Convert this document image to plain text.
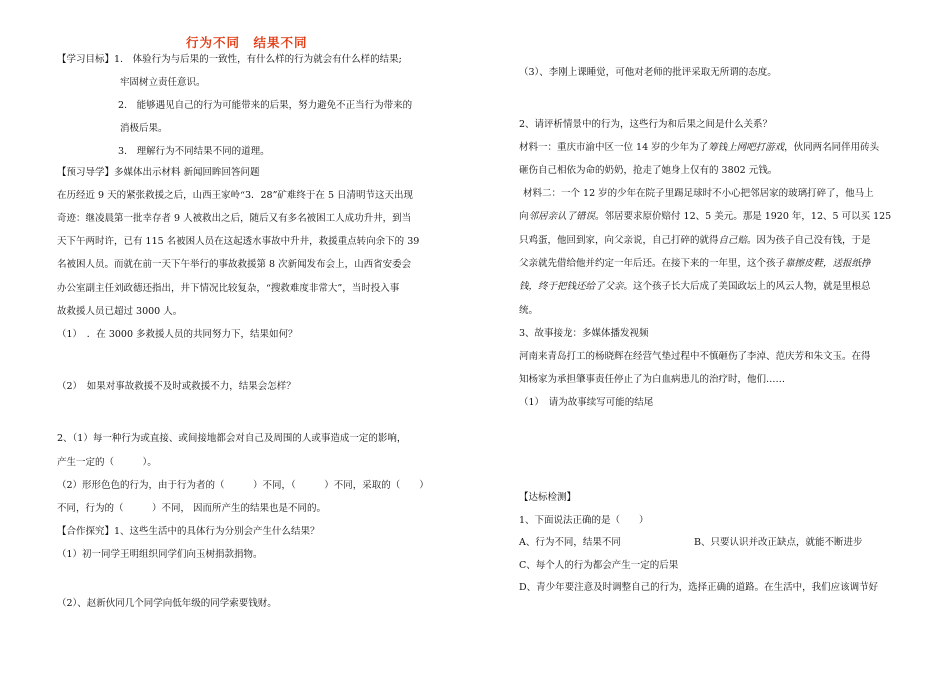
行为不同　结果不同
【学习目标】1.　体验行为与后果的一致性，有什么样的行为就会有什么样的结果;
牢固树立责任意识。
2.　能够遇见自己的行为可能带来的后果，努力避免不正当行为带来的
消极后果。
3.　理解行为不同结果不同的道理。
【预习导学】多媒体出示材料 新闻回眸回答问题
在历经近 9 天的紧张救援之后，山西王家岭“3．28”矿难终于在 5 日清明节这天出现
奇迹：继凌晨第一批幸存者 9 人被救出之后，随后又有多名被困工人成功升井，到当
天下午两时许，已有 115 名被困人员在这起透水事故中升井，救援重点转向余下的 39
名被困人员。而就在前一天下午举行的事故救援第 8 次新闻发布会上，山西省安委会
办公室副主任刘政德还指出，井下情况比较复杂，“搜救难度非常大”，当时投入事
故救援人员已超过 3000 人。
（1）　．在 3000 多救援人员的共同努力下，结果如何？
（2）　如果对事故救援不及时或救援不力，结果会怎样？
2、（1）每一种行为或直接、或间接地都会对自己及周围的人或事造成一定的影响，
产生一定的（　　　）。
（2）形形色色的行为，由于行为者的（　　　）不同，（　　　）不同，采取的（　　）
不同，行为的（　　　）不同， 因而所产生的结果也是不同的。
【合作探究】1、这些生活中的具体行为分别会产生什么结果？
（1）初一同学王明组织同学们向玉树捐款捐物。
（2）、赵新伙同几个同学向低年级的同学索要钱财。
（3）、李刚上课睡觉，可他对老师的批评采取无所谓的态度。
2、请评析情景中的行为，这些行为和后果之间是什么关系？
材料一：重庆市渝中区一位 14 岁的少年为了筹钱上网吧打游戏，伙同两名同伴用砖头
砸伤自己相依为命的奶奶，抢走了她身上仅有的 3802 元钱。
材料二：一个 12 岁的少年在院子里踢足球时不小心把邻居家的玻璃打碎了，他马上
向邻居亲认了错误。邻居要求原价赔付 12、5 美元。那是 1920 年，12、5 可以买 125
只鸡蛋，他回到家，向父亲说，自己打碎的就得自己赔。因为孩子自己没有钱，于是
父亲就先借给他并约定一年后还。在接下来的一年里，这个孩子靠擦皮鞋，送报纸挣
钱，终于把钱还给了父亲。这个孩子长大后成了美国政坛上的风云人物，就是里根总
统。
3、故事接龙：多媒体播发视频
河南来青岛打工的杨晓辉在经营气垫过程中不慎砸伤了李淖、范庆芳和朱文玉。在得
知杨家为承担肇事责任停止了为白血病患儿的治疗时，他们……
（1）　请为故事续写可能的结尾
【达标检测】
1、下面说法正确的是（　　）
A、行为不同，结果不同	B、只要认识并改正缺点，就能不断进步
C、每个人的行为都会产生一定的后果
D、青少年要注意及时调整自己的行为，选择正确的道路。在生活中，我们应该调节好
